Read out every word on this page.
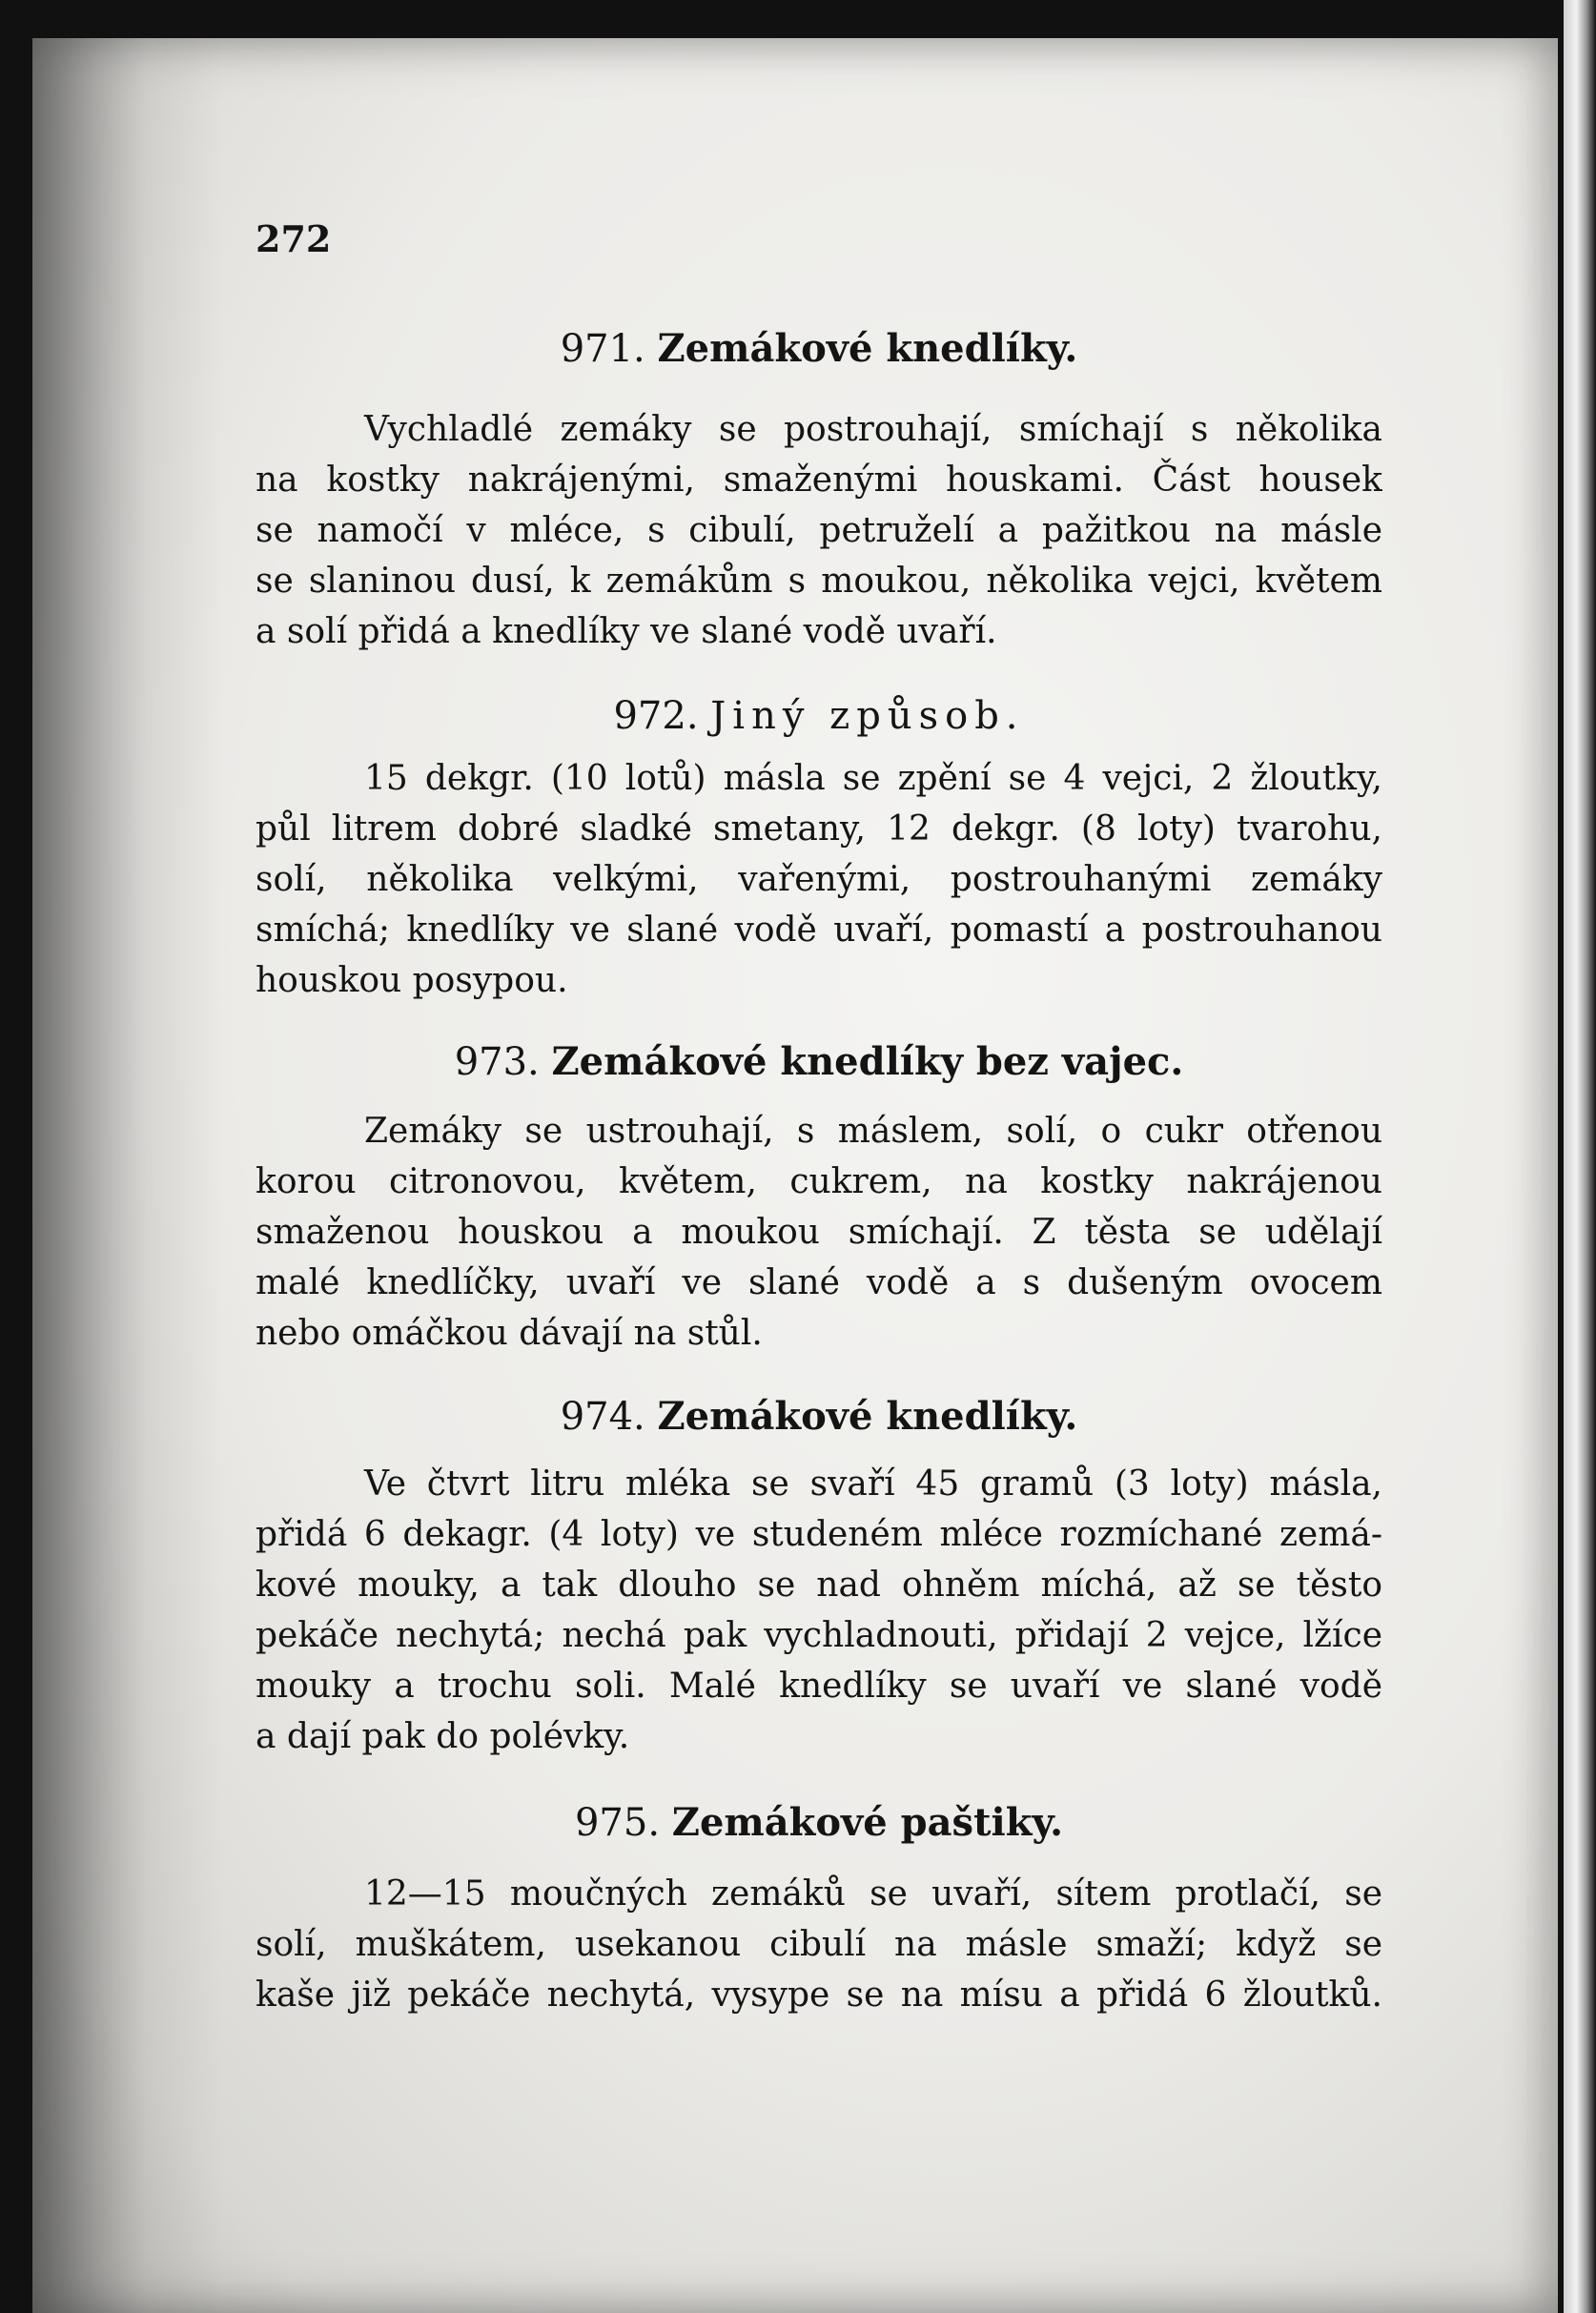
272
971. Zemákové knedlíky.
Vychladlé zemáky se postrouhají, smíchají s několika
na kostky nakrájenými, smaženými houskami. Část housek
se namočí v mléce, s cibulí, petruželí a pažitkou na másle
se slaninou dusí, k zemákům s moukou, několika vejci, květem
a solí přidá a knedlíky ve slané vodě uvaří.
972. Jiný způsob.
15 dekgr. (10 lotů) másla se zpění se 4 vejci, 2 žloutky,
půl litrem dobré sladké smetany, 12 dekgr. (8 loty) tvarohu,
solí, několika velkými, vařenými, postrouhanými zemáky
smíchá; knedlíky ve slané vodě uvaří, pomastí a postrouhanou
houskou posypou.
973. Zemákové knedlíky bez vajec.
Zemáky se ustrouhají, s máslem, solí, o cukr otřenou
korou citronovou, květem, cukrem, na kostky nakrájenou
smaženou houskou a moukou smíchají. Z těsta se udělají
malé knedlíčky, uvaří ve slané vodě a s dušeným ovocem
nebo omáčkou dávají na stůl.
974. Zemákové knedlíky.
Ve čtvrt litru mléka se svaří 45 gramů (3 loty) másla,
přidá 6 dekagr. (4 loty) ve studeném mléce rozmíchané zemá-
kové mouky, a tak dlouho se nad ohněm míchá, až se těsto
pekáče nechytá; nechá pak vychladnouti, přidají 2 vejce, lžíce
mouky a trochu soli. Malé knedlíky se uvaří ve slané vodě
a dají pak do polévky.
975. Zemákové paštiky.
12—15 moučných zemáků se uvaří, sítem protlačí, se
solí, muškátem, usekanou cibulí na másle smaží; když se
kaše již pekáče nechytá, vysype se na mísu a přidá 6 žloutků.
